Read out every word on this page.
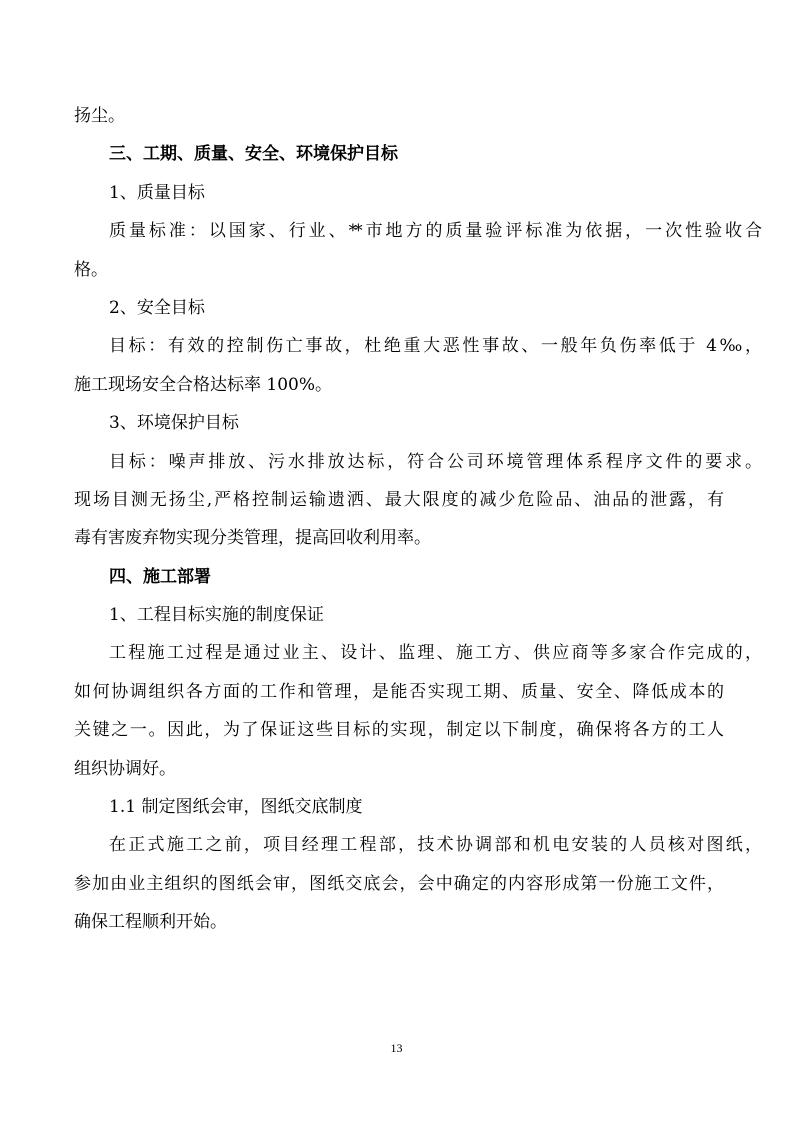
扬尘。
三、工期、质量、安全、环境保护目标
1、质量目标
质量标准：以国家、行业、**市地方的质量验评标准为依据，一次性验收合
格。
2、安全目标
目标：有效的控制伤亡事故，杜绝重大恶性事故、一般年负伤率低于 4‰，
施工现场安全合格达标率 100%。
3、环境保护目标
目标：噪声排放、污水排放达标，符合公司环境管理体系程序文件的要求。
现场目测无扬尘,严格控制运输遗洒、最大限度的减少危险品、油品的泄露，有
毒有害废弃物实现分类管理，提高回收利用率。
四、施工部署
1、工程目标实施的制度保证
工程施工过程是通过业主、设计、监理、施工方、供应商等多家合作完成的，
如何协调组织各方面的工作和管理，是能否实现工期、质量、安全、降低成本的
关键之一。因此，为了保证这些目标的实现，制定以下制度，确保将各方的工人
组织协调好。
1.1 制定图纸会审，图纸交底制度
在正式施工之前，项目经理工程部，技术协调部和机电安装的人员核对图纸，
参加由业主组织的图纸会审，图纸交底会，会中确定的内容形成第一份施工文件，
确保工程顺利开始。
13
